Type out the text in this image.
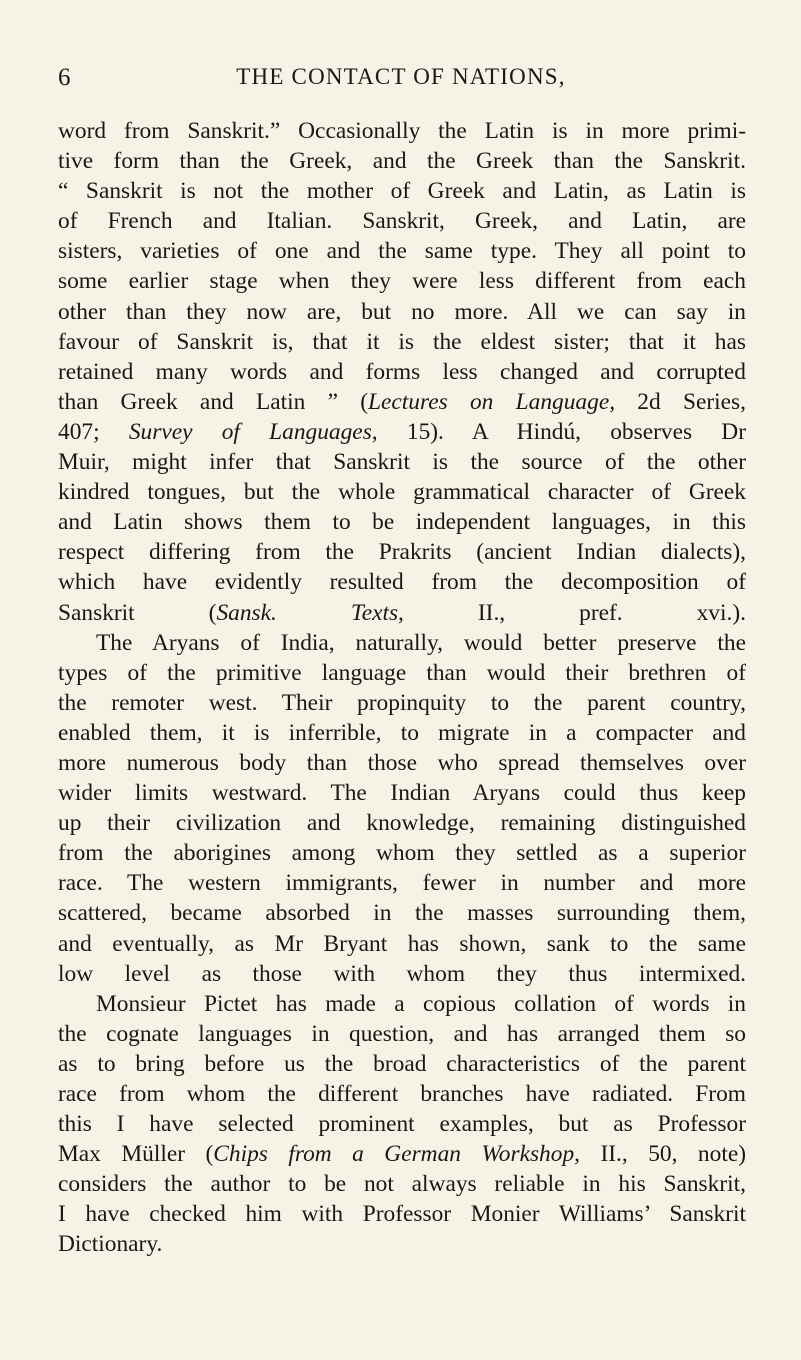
6	THE CONTACT OF NATIONS,
word from Sanskrit.” Occasionally the Latin is in more primi-
tive form than the Greek, and the Greek than the Sanskrit.
“ Sanskrit is not the mother of Greek and Latin, as Latin is
of French and Italian. Sanskrit, Greek, and Latin, are
sisters, varieties of one and the same type. They all point to
some earlier stage when they were less different from each
other than they now are, but no more. All we can say in
favour of Sanskrit is, that it is the eldest sister; that it has
retained many words and forms less changed and corrupted
than Greek and Latin ” (Lectures on Language, 2d Series,
407; Survey of Languages, 15). A Hindú, observes Dr
Muir, might infer that Sanskrit is the source of the other
kindred tongues, but the whole grammatical character of Greek
and Latin shows them to be independent languages, in this
respect differing from the Prakrits (ancient Indian dialects),
which have evidently resulted from the decomposition of
Sanskrit (Sansk. Texts, II., pref. xvi.).
The Aryans of India, naturally, would better preserve the
types of the primitive language than would their brethren of
the remoter west. Their propinquity to the parent country,
enabled them, it is inferrible, to migrate in a compacter and
more numerous body than those who spread themselves over
wider limits westward. The Indian Aryans could thus keep
up their civilization and knowledge, remaining distinguished
from the aborigines among whom they settled as a superior
race. The western immigrants, fewer in number and more
scattered, became absorbed in the masses surrounding them,
and eventually, as Mr Bryant has shown, sank to the same
low level as those with whom they thus intermixed.
Monsieur Pictet has made a copious collation of words in
the cognate languages in question, and has arranged them so
as to bring before us the broad characteristics of the parent
race from whom the different branches have radiated. From
this I have selected prominent examples, but as Professor
Max Müller (Chips from a German Workshop, II., 50, note)
considers the author to be not always reliable in his Sanskrit,
I have checked him with Professor Monier Williams’ Sanskrit
Dictionary.
